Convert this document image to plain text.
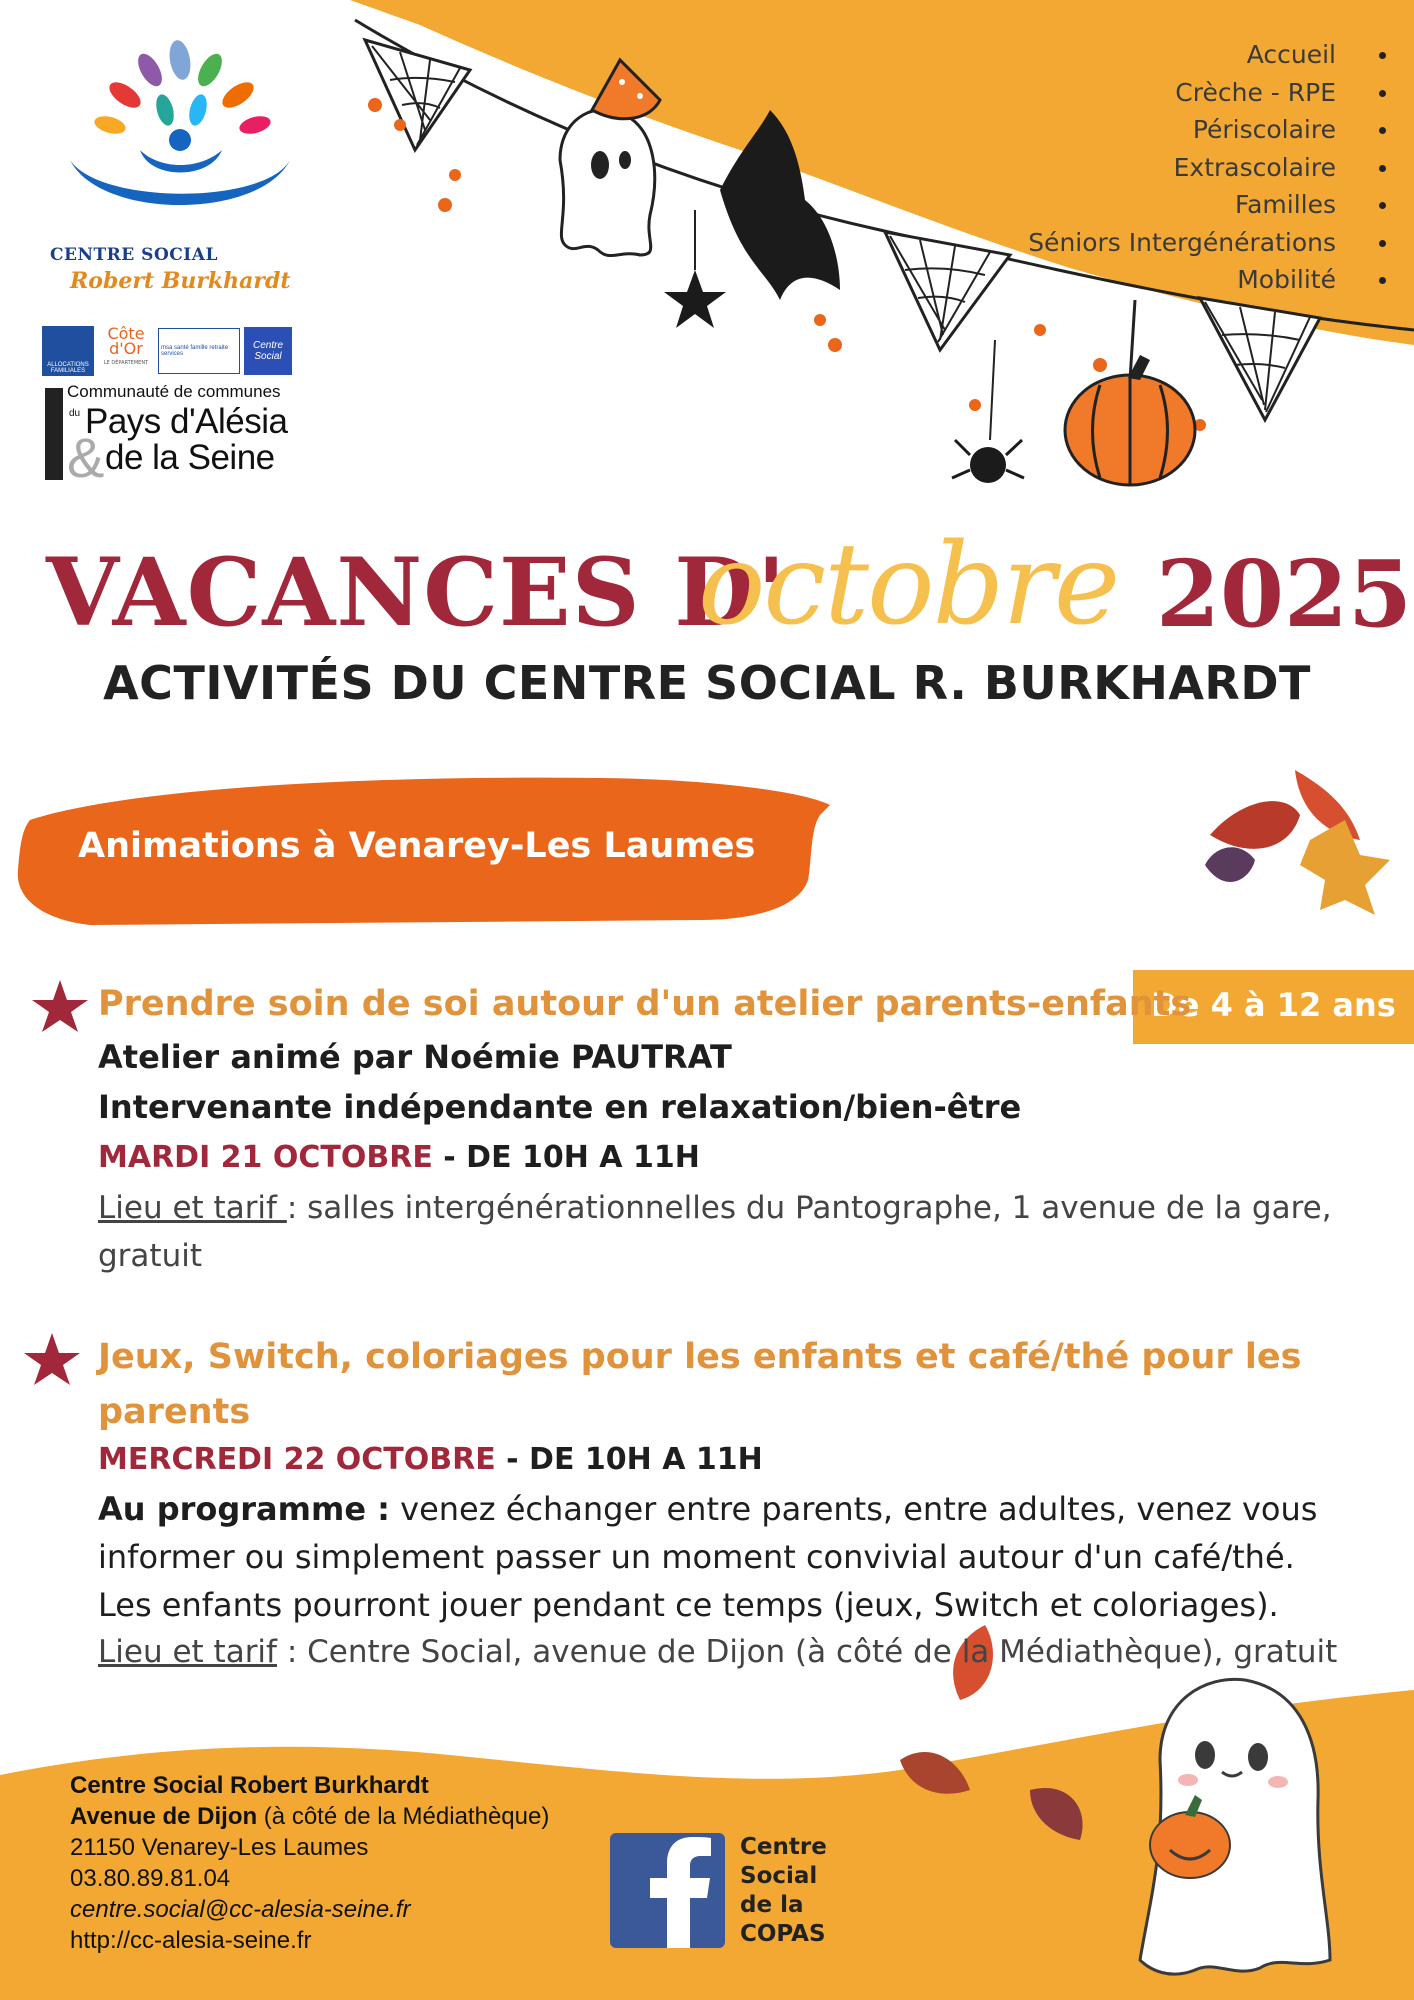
CENTRE SOCIAL
Robert Burkhardt
ALLOCATIONS FAMILIALES
Côte d'Or
LE DÉPARTEMENT
msa santé famille retraite services
Centre Social
Communauté de communes
du Pays d'Alésia
& de la Seine
Accueil
Crèche - RPE
Périscolaire
Extrascolaire
Familles
Séniors Intergénérations
Mobilité
VACANCES D'
octobre 2025
ACTIVITÉS DU CENTRE SOCIAL R. BURKHARDT
Animations à Venarey-Les Laumes
De 4 à 12 ans
Prendre soin de soi autour d'un atelier parents-enfants
Atelier animé par Noémie PAUTRAT
Intervenante indépendante en relaxation/bien-être
MARDI 21 OCTOBRE - DE 10H A 11H
Lieu et tarif : salles intergénérationnelles du Pantographe, 1 avenue de la gare,
gratuit
Jeux, Switch, coloriages pour les enfants et café/thé pour les
parents
MERCREDI 22 OCTOBRE - DE 10H A 11H
Au programme : venez échanger entre parents, entre adultes, venez vous
informer ou simplement passer un moment convivial autour d'un café/thé.
Les enfants pourront jouer pendant ce temps (jeux, Switch et coloriages).
Lieu et tarif : Centre Social, avenue de Dijon (à côté de la Médiathèque), gratuit
Centre Social Robert Burkhardt
Avenue de Dijon (à côté de la Médiathèque)
21150 Venarey-Les Laumes
03.80.89.81.04
centre.social@cc-alesia-seine.fr
http://cc-alesia-seine.fr
Centre
Social
de la
COPAS
